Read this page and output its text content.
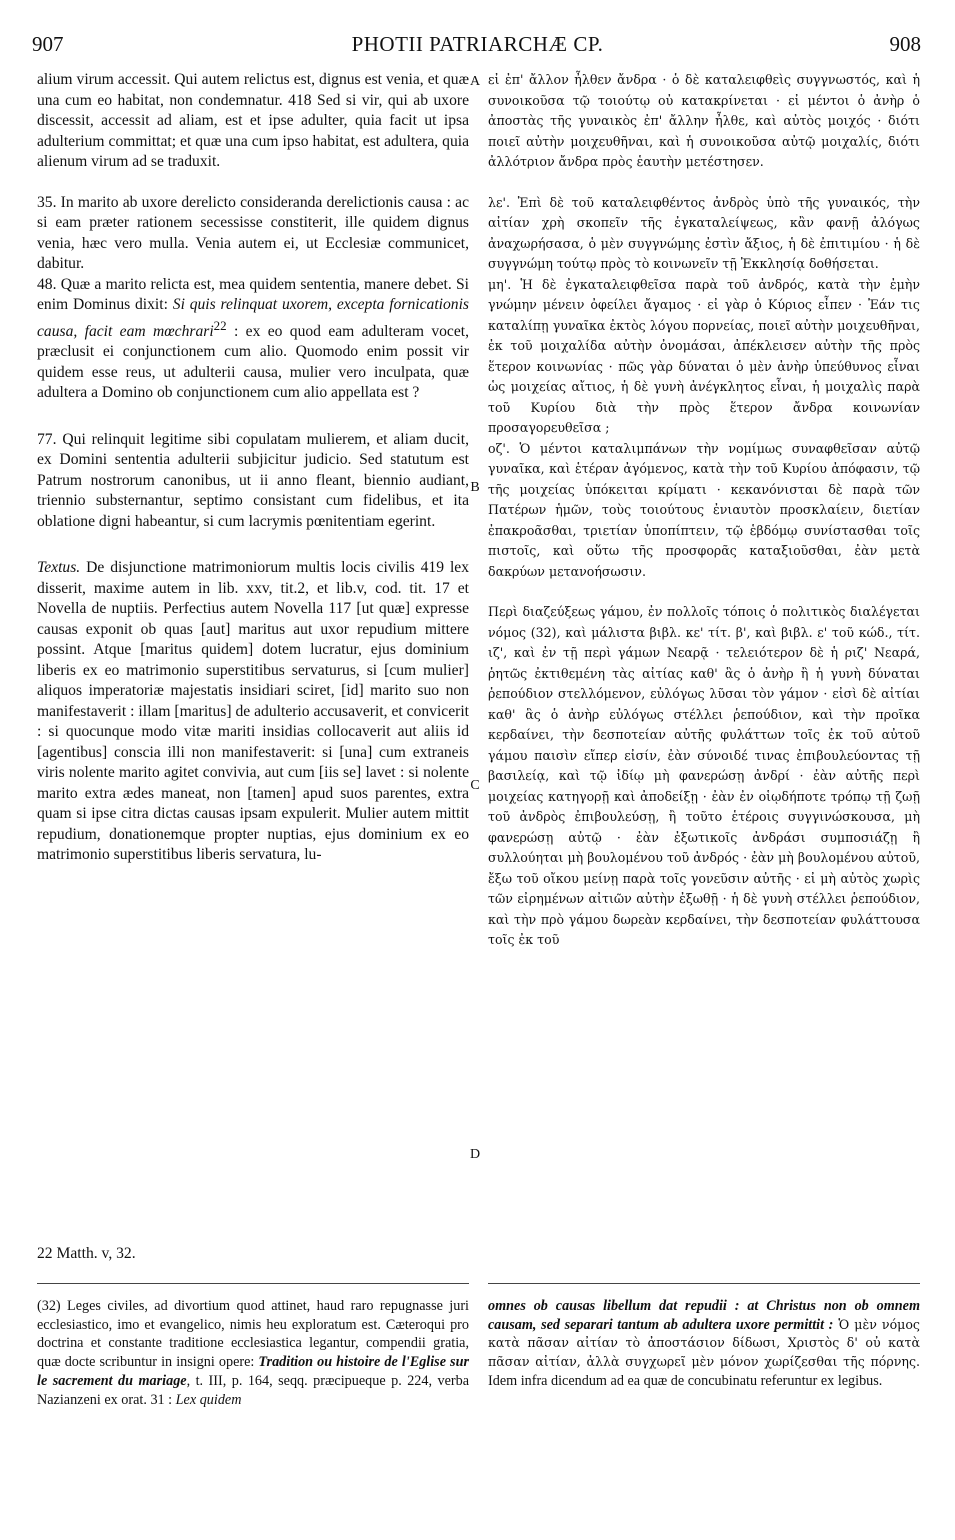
907	PHOTII PATRIARCHÆ CP.	908
A
B
C
D

alium virum accessit. Qui autem relictus est, dignus est venia, et quæ una cum eo habitat, non condemnatur. 418 Sed si vir, qui ab uxore discessit, accessit ad aliam, est et ipse adulter, quia facit ut ipsa adulterium committat; et quæ una cum ipso habitat, est adultera, quia alienum virum ad se traduxit.

35. In marito ab uxore derelicto consideranda derelictionis causa : ac si eam præter rationem secessisse constiterit, ille quidem dignus venia, hæc vero mulla. Venia autem ei, ut Ecclesiæ communicet, dabitur.

48. Quæ a marito relicta est, mea quidem sententia, manere debet. Si enim Dominus dixit: Si quis relinquat uxorem, excepta fornicationis causa, facit eam mœchrari$^{22}$ : ex eo quod eam adulteram vocet, præclusit ei conjunctionem cum alio. Quomodo enim possit vir quidem esse reus, ut adulterii causa, mulier vero inculpata, quæ adultera a Domino ob conjunctionem cum alio appellata est ?

77. Qui relinquit legitime sibi copulatam mulierem, et aliam ducit, ex Domini sententia adulterii subjicitur judicio. Sed statutum est Patrum nostrorum canonibus, ut ii anno fleant, biennio audiant, triennio substernantur, septimo consistant cum fidelibus, et ita oblatione digni habeantur, si cum lacrymis pœnitentiam egerint.

Textus. De disjunctione matrimoniorum multis locis civilis 419 lex disserit, maxime autem in lib. xxv, tit.2, et lib.v, cod. tit. 17 et Novella de nuptiis. Perfectius autem Novella 117 [ut quæ] expresse causas exponit ob quas [aut] maritus aut uxor repudium mittere possint. Atque [maritus quidem] dotem lucratur, ejus dominium liberis ex eo matrimonio superstitibus servaturus, si [cum mulier] aliquos imperatoriæ majestatis insidiari sciret, [id] marito suo non manifestaverit : illam [maritus] de adulterio accusaverit, et convicerit : si quocunque modo vitæ mariti insidias collocaverit aut aliis id [agentibus] conscia illi non manifestaverit: si [una] cum extraneis viris nolente marito agitet convivia, aut cum [iis se] lavet : si nolente marito extra ædes maneat, non [tamen] apud suos parentes, extra quam si ipse citra dictas causas ipsam expulerit. Mulier autem mittit repudium, donationemque propter nuptias, ejus dominium ex eo matrimonio superstitibus liberis servatura, lu-

εἰ ἐπ' ἄλλον ἦλθεν ἄνδρα · ὁ δὲ καταλειφθεὶς συγγνωστός, καὶ ἡ συνοικοῦσα τῷ τοιούτῳ οὐ κατακρίνεται · εἰ μέντοι ὁ ἀνὴρ ὁ ἀποστὰς τῆς γυναικὸς ἐπ' ἄλλην ἦλθε, καὶ αὐτὸς μοιχός · διότι ποιεῖ αὐτὴν μοιχευθῆναι, καὶ ἡ συνοικοῦσα αὐτῷ μοιχαλίς, διότι ἀλλότριον ἄνδρα πρὸς ἑαυτὴν μετέστησεν.

λε'. Ἐπὶ δὲ τοῦ καταλειφθέντος ἀνδρὸς ὑπὸ τῆς γυναικός, τὴν αἰτίαν χρὴ σκοπεῖν τῆς ἐγκαταλείψεως, κἂν φανῇ ἀλόγως ἀναχωρήσασα, ὁ μὲν συγγνώμης ἐστὶν ἄξιος, ἡ δὲ ἐπιτιμίου · ἡ δὲ συγγνώμη τούτῳ πρὸς τὸ κοινωνεῖν τῇ Ἐκκλησίᾳ δοθήσεται.

μη'. Ἡ δὲ ἐγκαταλειφθεῖσα παρὰ τοῦ ἀνδρός, κατὰ τὴν ἐμὴν γνώμην μένειν ὀφείλει ἄγαμος · εἰ γὰρ ὁ Κύριος εἶπεν · Ἐάν τις καταλίπῃ γυναῖκα ἐκτὸς λόγου πορνείας, ποιεῖ αὐτὴν μοιχευθῆναι, ἐκ τοῦ μοιχαλίδα αὐτὴν ὀνομάσαι, ἀπέκλεισεν αὐτὴν τῆς πρὸς ἕτερον κοινωνίας · πῶς γὰρ δύναται ὁ μὲν ἀνὴρ ὑπεύθυνος εἶναι ὡς μοιχείας αἴτιος, ἡ δὲ γυνὴ ἀνέγκλητος εἶναι, ἡ μοιχαλὶς παρὰ τοῦ Κυρίου διὰ τὴν πρὸς ἕτερον ἄνδρα κοινωνίαν προσαγορευθεῖσα ;

οζ'. Ὁ μέντοι καταλιμπάνων τὴν νομίμως συναφθεῖσαν αὐτῷ γυναῖκα, καὶ ἑτέραν ἀγόμενος, κατὰ τὴν τοῦ Κυρίου ἀπόφασιν, τῷ τῆς μοιχείας ὑπόκειται κρίματι · κεκανόνισται δὲ παρὰ τῶν Πατέρων ἡμῶν, τοὺς τοιούτους ἐνιαυτὸν προσκλαίειν, διετίαν ἐπακροᾶσθαι, τριετίαν ὑποπίπτειν, τῷ ἑβδόμῳ συνίστασθαι τοῖς πιστοῖς, καὶ οὕτω τῆς προσφορᾶς καταξιοῦσθαι, ἐὰν μετὰ δακρύων μετανοήσωσιν.

Περὶ διαζεύξεως γάμου, ἐν πολλοῖς τόποις ὁ πολιτικὸς διαλέγεται νόμος (32), καὶ μάλιστα βιβλ. κε' τίτ. β', καὶ βιβλ. ε' τοῦ κώδ., τίτ. ιζ', καὶ ἐν τῇ περὶ γάμων Νεαρᾷ · τελειότερον δὲ ἡ ριζ' Νεαρά, ῥητῶς ἐκτιθεμένη τὰς αἰτίας καθ' ἃς ὁ ἀνὴρ ἢ ἡ γυνὴ δύναται ῥεπούδιον στελλόμενον, εὐλόγως λῦσαι τὸν γάμον · εἰσὶ δὲ αἰτίαι καθ' ἃς ὁ ἀνὴρ εὐλόγως στέλλει ῥεπούδιον, καὶ τὴν προῖκα κερδαίνει, τὴν δεσποτείαν αὐτῆς φυλάττων τοῖς ἐκ τοῦ αὐτοῦ γάμου παισὶν εἴπερ εἰσίν, ἐὰν σύνοιδέ τινας ἐπιβουλεύοντας τῇ βασιλείᾳ, καὶ τῷ ἰδίῳ μὴ φανερώσῃ ἀνδρί · ἐὰν αὐτῆς περὶ μοιχείας κατηγορῇ καὶ ἀποδείξῃ · ἐὰν ἐν οἱῳδήποτε τρόπῳ τῇ ζωῇ τοῦ ἀνδρὸς ἐπιβουλεύσῃ, ἢ τοῦτο ἑτέροις συγγινώσκουσα, μὴ φανερώσῃ αὐτῷ · ἐὰν ἐξωτικοῖς ἀνδράσι συμποσιάζῃ ἢ συλλούηται μὴ βουλομένου τοῦ ἀνδρός · ἐὰν μὴ βουλομένου αὐτοῦ, ἔξω τοῦ οἴκου μείνῃ παρὰ τοῖς γονεῦσιν αὐτῆς · εἰ μὴ αὐτὸς χωρὶς τῶν εἰρημένων αἰτιῶν αὐτὴν ἐξωθῇ · ἡ δὲ γυνὴ στέλλει ῥεπούδιον, καὶ τὴν πρὸ γάμου δωρεὰν κερδαίνει, τὴν δεσποτείαν φυλάττουσα τοῖς ἐκ τοῦ

22 Matth. v, 32.
(32) Leges civiles, ad divortium quod attinet, haud raro repugnasse juri ecclesiastico, imo et evangelico, nimis heu exploratum est. Cæteroqui pro doctrina et constante traditione ecclesiastica legantur, compendii gratia, quæ docte scribuntur in insigni opere: Tradition ou histoire de l'Eglise sur le sacrement du mariage, t. III, p. 164, seqq. præcipueque p. 224, verba Nazianzeni ex orat. 31 : Lex quidem
omnes ob causas libellum dat repudii : at Christus non ob omnem causam, sed separari tantum ab adultera uxore permittit : Ὁ μὲν νόμος κατὰ πᾶσαν αἰτίαν τὸ ἀποστάσιον δίδωσι, Χριστὸς δ' οὐ κατὰ πᾶσαν αἰτίαν, ἀλλὰ συγχωρεῖ μὲν μόνον χωρίζεσθαι τῆς πόρνης. Idem infra dicendum ad ea quæ de concubinatu referuntur ex legibus.
